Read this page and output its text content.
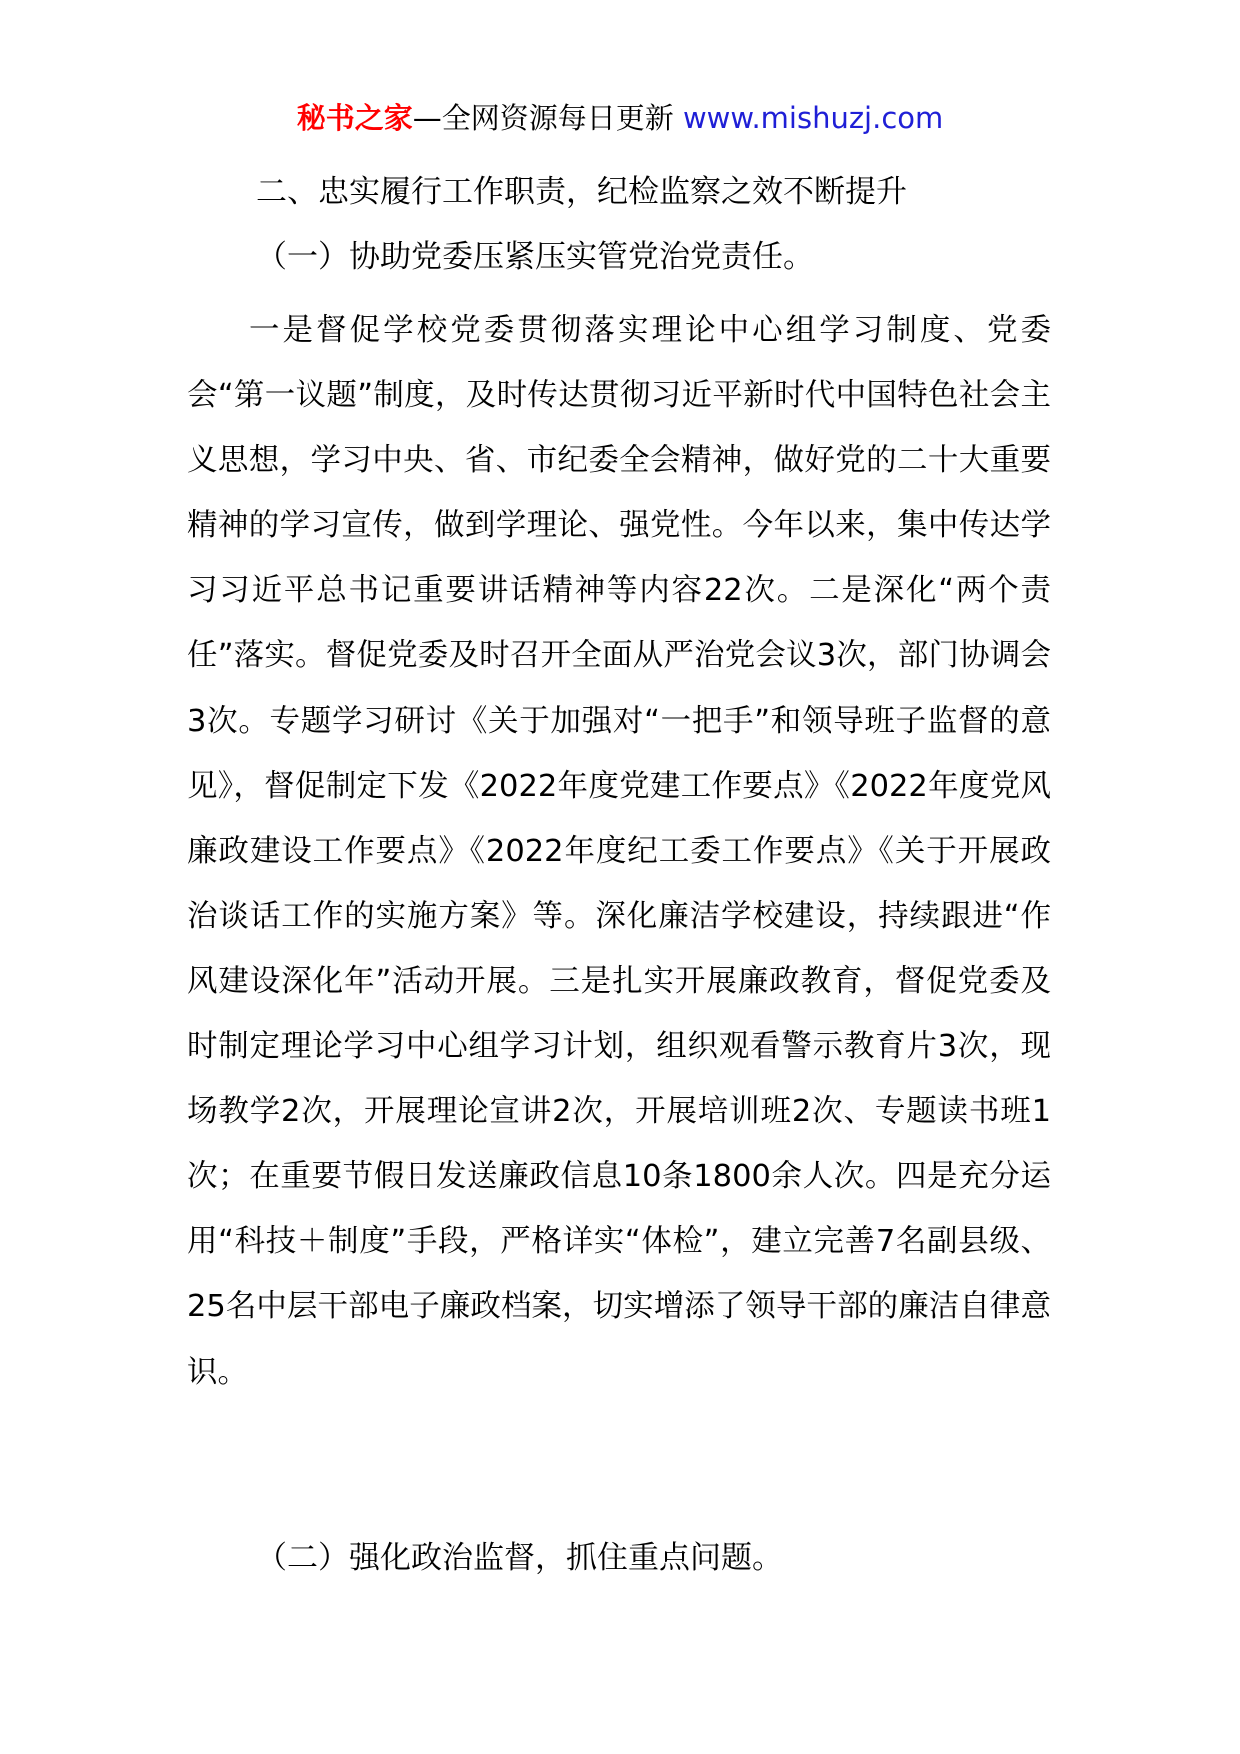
秘书之家—全网资源每日更新 www.mishuzj.com
二、忠实履行工作职责，纪检监察之效不断提升
（一）协助党委压紧压实管党治党责任。

一是督促学校党委贯彻落实理论中心组学习制度、党委会“第一议题”制度，及时传达贯彻习近平新时代中国特色社会主义思想，学习中央、省、市纪委全会精神，做好党的二十大重要精神的学习宣传，做到学理论、强党性。今年以来，集中传达学习习近平总书记重要讲话精神等内容22次。二是深化“两个责任”落实。督促党委及时召开全面从严治党会议3次，部门协调会3次。专题学习研讨《关于加强对“一把手”和领导班子监督的意见》，督促制定下发《2022年度党建工作要点》《2022年度党风廉政建设工作要点》《2022年度纪工委工作要点》《关于开展政治谈话工作的实施方案》等。深化廉洁学校建设，持续跟进“作风建设深化年”活动开展。三是扎实开展廉政教育，督促党委及时制定理论学习中心组学习计划，组织观看警示教育片3次，现场教学2次，开展理论宣讲2次，开展培训班2次、专题读书班1次；在重要节假日发送廉政信息10条1800余人次。四是充分运用“科技＋制度”手段，严格详实“体检”，建立完善7名副县级、25名中层干部电子廉政档案，切实增添了领导干部的廉洁自律意识。

（二）强化政治监督，抓住重点问题。
